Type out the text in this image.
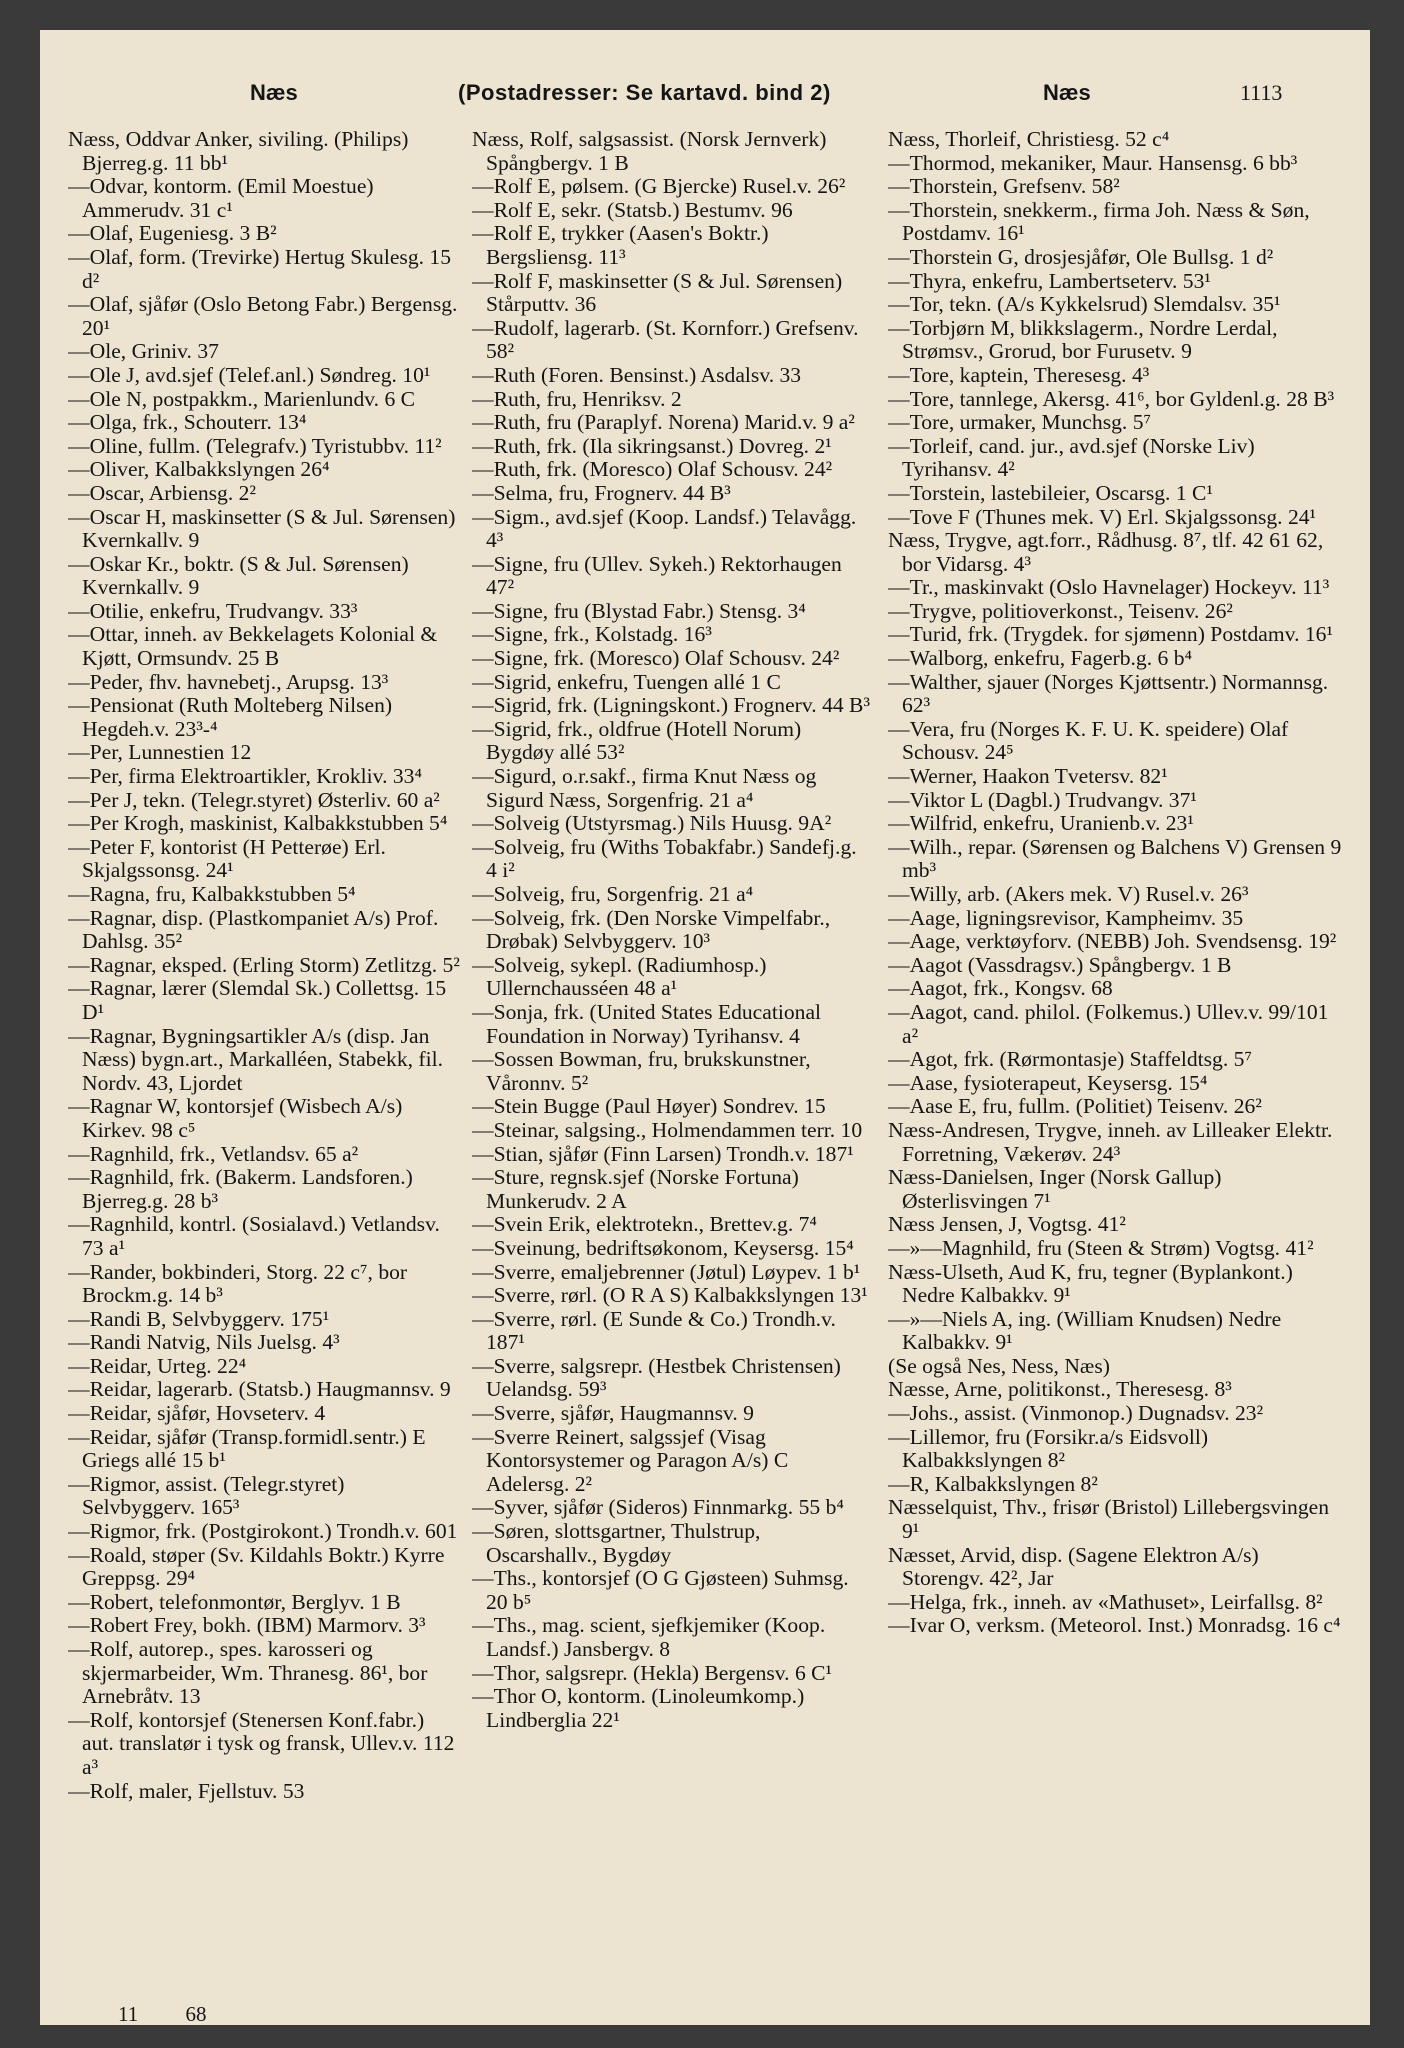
Næs	(Postadresser: Se kartavd. bind 2)	Næs	1113

Næss, Oddvar Anker, siviling. (Philips) Bjerreg.g. 11 bb¹

—Odvar, kontorm. (Emil Moestue) Ammerudv. 31 c¹

—Olaf, Eugeniesg. 3 B²

—Olaf, form. (Trevirke) Hertug Skulesg. 15 d²

—Olaf, sjåfør (Oslo Betong Fabr.) Bergensg. 20¹

—Ole, Griniv. 37

—Ole J, avd.sjef (Telef.anl.) Søndreg. 10¹

—Ole N, postpakkm., Marienlundv. 6 C

—Olga, frk., Schouterr. 13⁴

—Oline, fullm. (Telegrafv.) Tyristubbv. 11²

—Oliver, Kalbakkslyngen 26⁴

—Oscar, Arbiensg. 2²

—Oscar H, maskinsetter (S & Jul. Sørensen) Kvernkallv. 9

—Oskar Kr., boktr. (S & Jul. Sørensen) Kvernkallv. 9

—Otilie, enkefru, Trudvangv. 33³

—Ottar, inneh. av Bekkelagets Kolonial & Kjøtt, Ormsundv. 25 B

—Peder, fhv. havnebetj., Arupsg. 13³

—Pensionat (Ruth Molteberg Nilsen) Hegdeh.v. 23³-⁴

—Per, Lunnestien 12

—Per, firma Elektroartikler, Krokliv. 33⁴

—Per J, tekn. (Telegr.styret) Østerliv. 60 a²

—Per Krogh, maskinist, Kalbakkstubben 5⁴

—Peter F, kontorist (H Petterøe) Erl. Skjalgssonsg. 24¹

—Ragna, fru, Kalbakkstubben 5⁴

—Ragnar, disp. (Plastkompaniet A/s) Prof. Dahlsg. 35²

—Ragnar, eksped. (Erling Storm) Zetlitzg. 5²

—Ragnar, lærer (Slemdal Sk.) Collettsg. 15 D¹

—Ragnar, Bygningsartikler A/s (disp. Jan Næss) bygn.art., Markalléen, Stabekk, fil. Nordv. 43, Ljordet

—Ragnar W, kontorsjef (Wisbech A/s) Kirkev. 98 c⁵

—Ragnhild, frk., Vetlandsv. 65 a²

—Ragnhild, frk. (Bakerm. Landsforen.) Bjerreg.g. 28 b³

—Ragnhild, kontrl. (Sosialavd.) Vetlandsv. 73 a¹

—Rander, bokbinderi, Storg. 22 c⁷, bor Brockm.g. 14 b³

—Randi B, Selvbyggerv. 175¹

—Randi Natvig, Nils Juelsg. 4³

—Reidar, Urteg. 22⁴

—Reidar, lagerarb. (Statsb.) Haugmannsv. 9

—Reidar, sjåfør, Hovseterv. 4

—Reidar, sjåfør (Transp.formidl.sentr.) E Griegs allé 15 b¹

—Rigmor, assist. (Telegr.styret) Selvbyggerv. 165³

—Rigmor, frk. (Postgirokont.) Trondh.v. 601

—Roald, støper (Sv. Kildahls Boktr.) Kyrre Greppsg. 29⁴

—Robert, telefonmontør, Berglyv. 1 B

—Robert Frey, bokh. (IBM) Marmorv. 3³

—Rolf, autorep., spes. karosseri og skjermarbeider, Wm. Thranesg. 86¹, bor Arnebråtv. 13

—Rolf, kontorsjef (Stenersen Konf.fabr.) aut. translatør i tysk og fransk, Ullev.v. 112 a³

—Rolf, maler, Fjellstuv. 53

Næss, Rolf, salgsassist. (Norsk Jernverk) Spångbergv. 1 B

—Rolf E, pølsem. (G Bjercke) Rusel.v. 26²

—Rolf E, sekr. (Statsb.) Bestumv. 96

—Rolf E, trykker (Aasen's Boktr.) Bergsliensg. 11³

—Rolf F, maskinsetter (S & Jul. Sørensen) Stårputtv. 36

—Rudolf, lagerarb. (St. Kornforr.) Grefsenv. 58²

—Ruth (Foren. Bensinst.) Asdalsv. 33

—Ruth, fru, Henriksv. 2

—Ruth, fru (Paraplyf. Norena) Marid.v. 9 a²

—Ruth, frk. (Ila sikringsanst.) Dovreg. 2¹

—Ruth, frk. (Moresco) Olaf Schousv. 24²

—Selma, fru, Frognerv. 44 B³

—Sigm., avd.sjef (Koop. Landsf.) Telavågg. 4³

—Signe, fru (Ullev. Sykeh.) Rektorhaugen 47²

—Signe, fru (Blystad Fabr.) Stensg. 3⁴

—Signe, frk., Kolstadg. 16³

—Signe, frk. (Moresco) Olaf Schousv. 24²

—Sigrid, enkefru, Tuengen allé 1 C

—Sigrid, frk. (Ligningskont.) Frognerv. 44 B³

—Sigrid, frk., oldfrue (Hotell Norum) Bygdøy allé 53²

—Sigurd, o.r.sakf., firma Knut Næss og Sigurd Næss, Sorgenfrig. 21 a⁴

—Solveig (Utstyrsmag.) Nils Huusg. 9A²

—Solveig, fru (Withs Tobakfabr.) Sandefj.g. 4 i²

—Solveig, fru, Sorgenfrig. 21 a⁴

—Solveig, frk. (Den Norske Vimpelfabr., Drøbak) Selvbyggerv. 10³

—Solveig, sykepl. (Radiumhosp.) Ullernchausséen 48 a¹

—Sonja, frk. (United States Educational Foundation in Norway) Tyrihansv. 4

—Sossen Bowman, fru, brukskunstner, Våronnv. 5²

—Stein Bugge (Paul Høyer) Sondrev. 15

—Steinar, salgsing., Holmendammen terr. 10

—Stian, sjåfør (Finn Larsen) Trondh.v. 187¹

—Sture, regnsk.sjef (Norske Fortuna) Munkerudv. 2 A

—Svein Erik, elektrotekn., Brettev.g. 7⁴

—Sveinung, bedriftsøkonom, Keysersg. 15⁴

—Sverre, emaljebrenner (Jøtul) Løypev. 1 b¹

—Sverre, rørl. (O R A S) Kalbakkslyngen 13¹

—Sverre, rørl. (E Sunde & Co.) Trondh.v. 187¹

—Sverre, salgsrepr. (Hestbek Christensen) Uelandsg. 59³

—Sverre, sjåfør, Haugmannsv. 9

—Sverre Reinert, salgssjef (Visag Kontorsystemer og Paragon A/s) C Adelersg. 2²

—Syver, sjåfør (Sideros) Finnmarkg. 55 b⁴

—Søren, slottsgartner, Thulstrup, Oscarshallv., Bygdøy

—Ths., kontorsjef (O G Gjøsteen) Suhmsg. 20 b⁵

—Ths., mag. scient, sjefkjemiker (Koop. Landsf.) Jansbergv. 8

—Thor, salgsrepr. (Hekla) Bergensv. 6 C¹

—Thor O, kontorm. (Linoleumkomp.) Lindbergliа 22¹

Næss, Thorleif, Christiesg. 52 c⁴

—Thormod, mekaniker, Maur. Hansensg. 6 bb³

—Thorstein, Grefsenv. 58²

—Thorstein, snekkerm., firma Joh. Næss & Søn, Postdamv. 16¹

—Thorstein G, drosjesjåfør, Ole Bullsg. 1 d²

—Thyra, enkefru, Lambertseterv. 53¹

—Tor, tekn. (A/s Kykkelsrud) Slemdalsv. 35¹

—Torbjørn M, blikkslagerm., Nordre Lerdal, Strømsv., Grorud, bor Furusetv. 9

—Tore, kaptein, Theresesg. 4³

—Tore, tannlege, Akersg. 41⁶, bor Gyldenl.g. 28 B³

—Tore, urmaker, Munchsg. 5⁷

—Torleif, cand. jur., avd.sjef (Norske Liv) Tyrihansv. 4²

—Torstein, lastebileier, Oscarsg. 1 C¹

—Tove F (Thunes mek. V) Erl. Skjalgssonsg. 24¹

Næss, Trygve, agt.forr., Rådhusg. 8⁷, tlf. 42 61 62, bor Vidarsg. 4³

—Tr., maskinvakt (Oslo Havnelager) Hockeyv. 11³

—Trygve, politioverkonst., Teisenv. 26²

—Turid, frk. (Trygdek. for sjømenn) Postdamv. 16¹

—Walborg, enkefru, Fagerb.g. 6 b⁴

—Walther, sjauer (Norges Kjøttsentr.) Normannsg. 62³

—Vera, fru (Norges K. F. U. K. speidere) Olaf Schousv. 24⁵

—Werner, Haakon Tvetersv. 82¹

—Viktor L (Dagbl.) Trudvangv. 37¹

—Wilfrid, enkefru, Uranienb.v. 23¹

—Wilh., repar. (Sørensen og Balchens V) Grensen 9 mb³

—Willy, arb. (Akers mek. V) Rusel.v. 26³

—Aage, ligningsrevisor, Kampheimv. 35

—Aage, verktøyforv. (NEBB) Joh. Svendsensg. 19²

—Aagot (Vassdragsv.) Spångbergv. 1 B

—Aagot, frk., Kongsv. 68

—Aagot, cand. philol. (Folkemus.) Ullev.v. 99/101 a²

—Agot, frk. (Rørmontasje) Staffeldtsg. 5⁷

—Aase, fysioterapeut, Keysersg. 15⁴

—Aase E, fru, fullm. (Politiet) Teisenv. 26²

Næss-Andresen, Trygve, inneh. av Lilleaker Elektr. Forretning, Vækerøv. 24³

Næss-Danielsen, Inger (Norsk Gallup) Østerlisvingen 7¹

Næss Jensen, J, Vogtsg. 41²

—»—Magnhild, fru (Steen & Strøm) Vogtsg. 41²

Næss-Ulseth, Aud K, fru, tegner (Byplankont.) Nedre Kalbakkv. 9¹

—»—Niels A, ing. (William Knudsen) Nedre Kalbakkv. 9¹

(Se også Nes, Ness, Næs)

Næsse, Arne, politikonst., Theresesg. 8³

—Johs., assist. (Vinmonop.) Dugnadsv. 23²

—Lillemor, fru (Forsikr.a/s Eidsvoll) Kalbakkslyngen 8²

—R, Kalbakkslyngen 8²

Næsselquist, Thv., frisør (Bristol) Lillebergsvingen 9¹

Næsset, Arvid, disp. (Sagene Elektron A/s) Storengv. 42², Jar

—Helga, frk., inneh. av «Mathuset», Leirfallsg. 8²

—Ivar O, verksm. (Meteorol. Inst.) Monradsg. 16 c⁴

11 68
